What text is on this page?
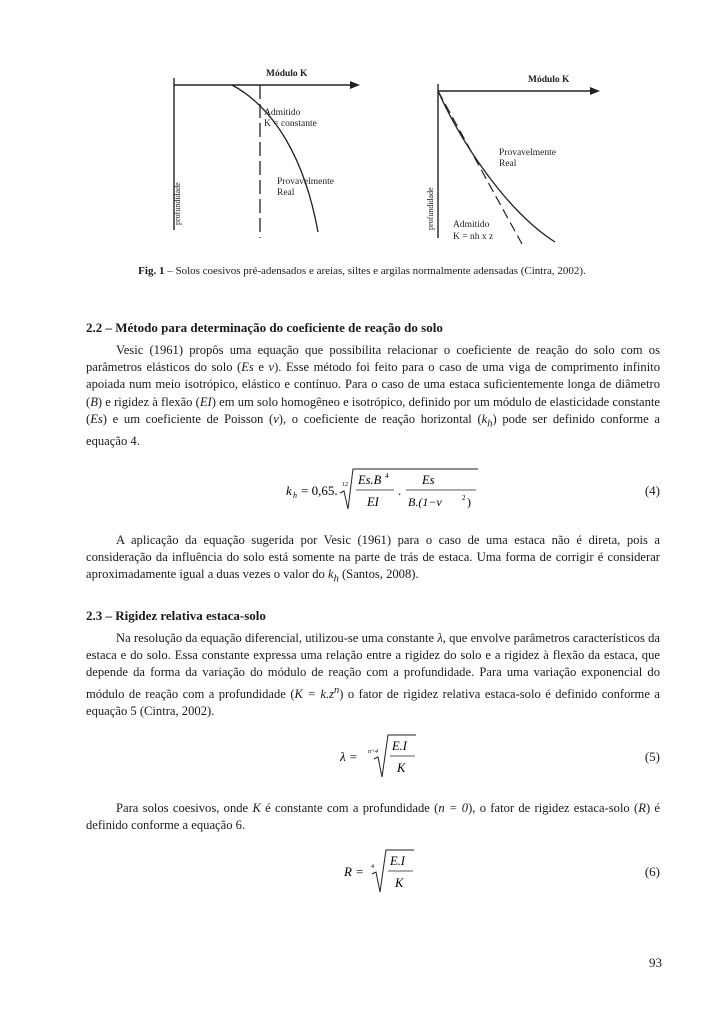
Módulo K
profundidade
Admitido
K = constante
Provavelmente
Real
Módulo K
profundidade
Provavelmente
Real
Admitido
K = nh x z
Fig. 1 – Solos coesivos pré-adensados e areias, siltes e argilas normalmente adensadas (Cintra, 2002).

2.2 – Método para determinação do coeficiente de reação do solo

Vesic (1961) propôs uma equação que possibilita relacionar o coeficiente de reação do solo com os parâmetros elásticos do solo (Es e ν). Esse método foi feito para o caso de uma viga de comprimento infinito apoiada num meio isotrópico, elástico e contínuo. Para o caso de uma estaca suficientemente longa de diâmetro (B) e rigidez à flexão (EI) em um solo homogêneo e isotrópico, definido por um módulo de elasticidade constante (Es) e um coeficiente de Poisson (ν), o coeficiente de reação horizontal $(k_h)$ pode ser definido conforme a equação 4.

k h = 0,65. 12 Es.B 4
EI
.
Es
B.(1−ν	2 )
(4)

A aplicação da equação sugerida por Vesic (1961) para o caso de uma estaca não é direta, pois a consideração da influência do solo está somente na parte de trás de estaca. Uma forma de corrigir é considerar aproximadamente igual a duas vezes o valor do $k_h$ (Santos, 2008).

2.3 – Rigidez relativa estaca-solo

Na resolução da equação diferencial, utilizou-se uma constante λ, que envolve parâmetros característicos da estaca e do solo. Essa constante expressa uma relação entre a rigidez do solo e a rigidez à flexão da estaca, que depende da forma da variação do módulo de reação com a profundidade. Para uma variação exponencial do módulo de reação com a profundidade $(K = k.z^n)$ o fator de rigidez relativa estaca-solo é definido conforme a equação 5 (Cintra, 2002).

λ = n+4 E.I
K
(5)

Para solos coesivos, onde K é constante com a profundidade (n = 0), o fator de rigidez estaca-solo (R) é definido conforme a equação 6.

R = 4 E.I
K
(6)
93
